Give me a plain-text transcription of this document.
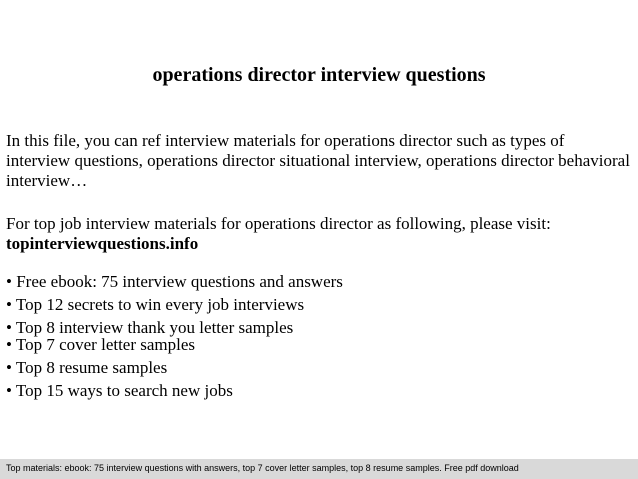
operations director interview questions

In this file, you can ref interview materials for operations director such as types of interview questions, operations director situational interview, operations director behavioral interview…

For top job interview materials for operations director as following, please visit:

topinterviewquestions.info

• Free ebook: 75 interview questions and answers
• Top 12 secrets to win every job interviews
• Top 8 interview thank you letter samples
• Top 7 cover letter samples
• Top 8 resume samples
• Top 15 ways to search new jobs
Top materials: ebook: 75 interview questions with answers, top 7 cover letter samples, top 8 resume samples. Free pdf download
